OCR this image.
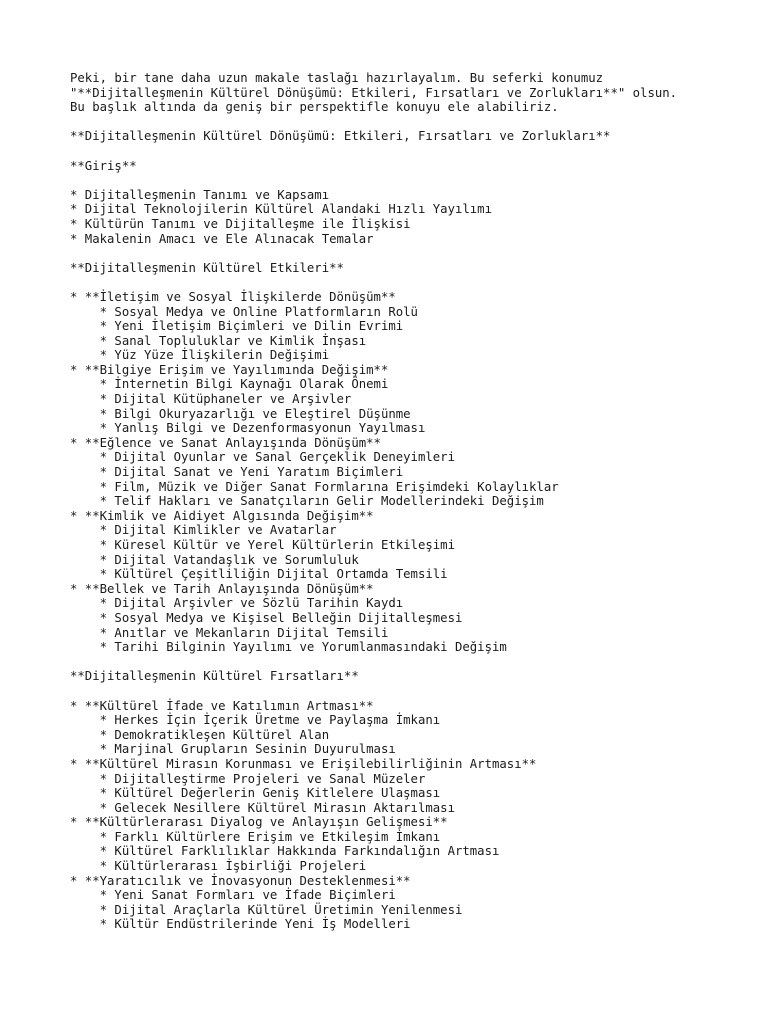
Peki, bir tane daha uzun makale taslağı hazırlayalım. Bu seferki konumuz
"**Dijitalleşmenin Kültürel Dönüşümü: Etkileri, Fırsatları ve Zorlukları**" olsun.
Bu başlık altında da geniş bir perspektifle konuyu ele alabiliriz.
**Dijitalleşmenin Kültürel Dönüşümü: Etkileri, Fırsatları ve Zorlukları**
**Giriş**
* Dijitalleşmenin Tanımı ve Kapsamı
* Dijital Teknolojilerin Kültürel Alandaki Hızlı Yayılımı
* Kültürün Tanımı ve Dijitalleşme ile İlişkisi
* Makalenin Amacı ve Ele Alınacak Temalar
**Dijitalleşmenin Kültürel Etkileri**
* **İletişim ve Sosyal İlişkilerde Dönüşüm**
* Sosyal Medya ve Online Platformların Rolü
* Yeni İletişim Biçimleri ve Dilin Evrimi
* Sanal Topluluklar ve Kimlik İnşası
* Yüz Yüze İlişkilerin Değişimi
* **Bilgiye Erişim ve Yayılımında Değişim**
* İnternetin Bilgi Kaynağı Olarak Önemi
* Dijital Kütüphaneler ve Arşivler
* Bilgi Okuryazarlığı ve Eleştirel Düşünme
* Yanlış Bilgi ve Dezenformasyonun Yayılması
* **Eğlence ve Sanat Anlayışında Dönüşüm**
* Dijital Oyunlar ve Sanal Gerçeklik Deneyimleri
* Dijital Sanat ve Yeni Yaratım Biçimleri
* Film, Müzik ve Diğer Sanat Formlarına Erişimdeki Kolaylıklar
* Telif Hakları ve Sanatçıların Gelir Modellerindeki Değişim
* **Kimlik ve Aidiyet Algısında Değişim**
* Dijital Kimlikler ve Avatarlar
* Küresel Kültür ve Yerel Kültürlerin Etkileşimi
* Dijital Vatandaşlık ve Sorumluluk
* Kültürel Çeşitliliğin Dijital Ortamda Temsili
* **Bellek ve Tarih Anlayışında Dönüşüm**
* Dijital Arşivler ve Sözlü Tarihin Kaydı
* Sosyal Medya ve Kişisel Belleğin Dijitalleşmesi
* Anıtlar ve Mekanların Dijital Temsili
* Tarihi Bilginin Yayılımı ve Yorumlanmasındaki Değişim
**Dijitalleşmenin Kültürel Fırsatları**
* **Kültürel İfade ve Katılımın Artması**
* Herkes İçin İçerik Üretme ve Paylaşma İmkanı
* Demokratikleşen Kültürel Alan
* Marjinal Grupların Sesinin Duyurulması
* **Kültürel Mirasın Korunması ve Erişilebilirliğinin Artması**
* Dijitalleştirme Projeleri ve Sanal Müzeler
* Kültürel Değerlerin Geniş Kitlelere Ulaşması
* Gelecek Nesillere Kültürel Mirasın Aktarılması
* **Kültürlerarası Diyalog ve Anlayışın Gelişmesi**
* Farklı Kültürlere Erişim ve Etkileşim İmkanı
* Kültürel Farklılıklar Hakkında Farkındalığın Artması
* Kültürlerarası İşbirliği Projeleri
* **Yaratıcılık ve İnovasyonun Desteklenmesi**
* Yeni Sanat Formları ve İfade Biçimleri
* Dijital Araçlarla Kültürel Üretimin Yenilenmesi
* Kültür Endüstrilerinde Yeni İş Modelleri
